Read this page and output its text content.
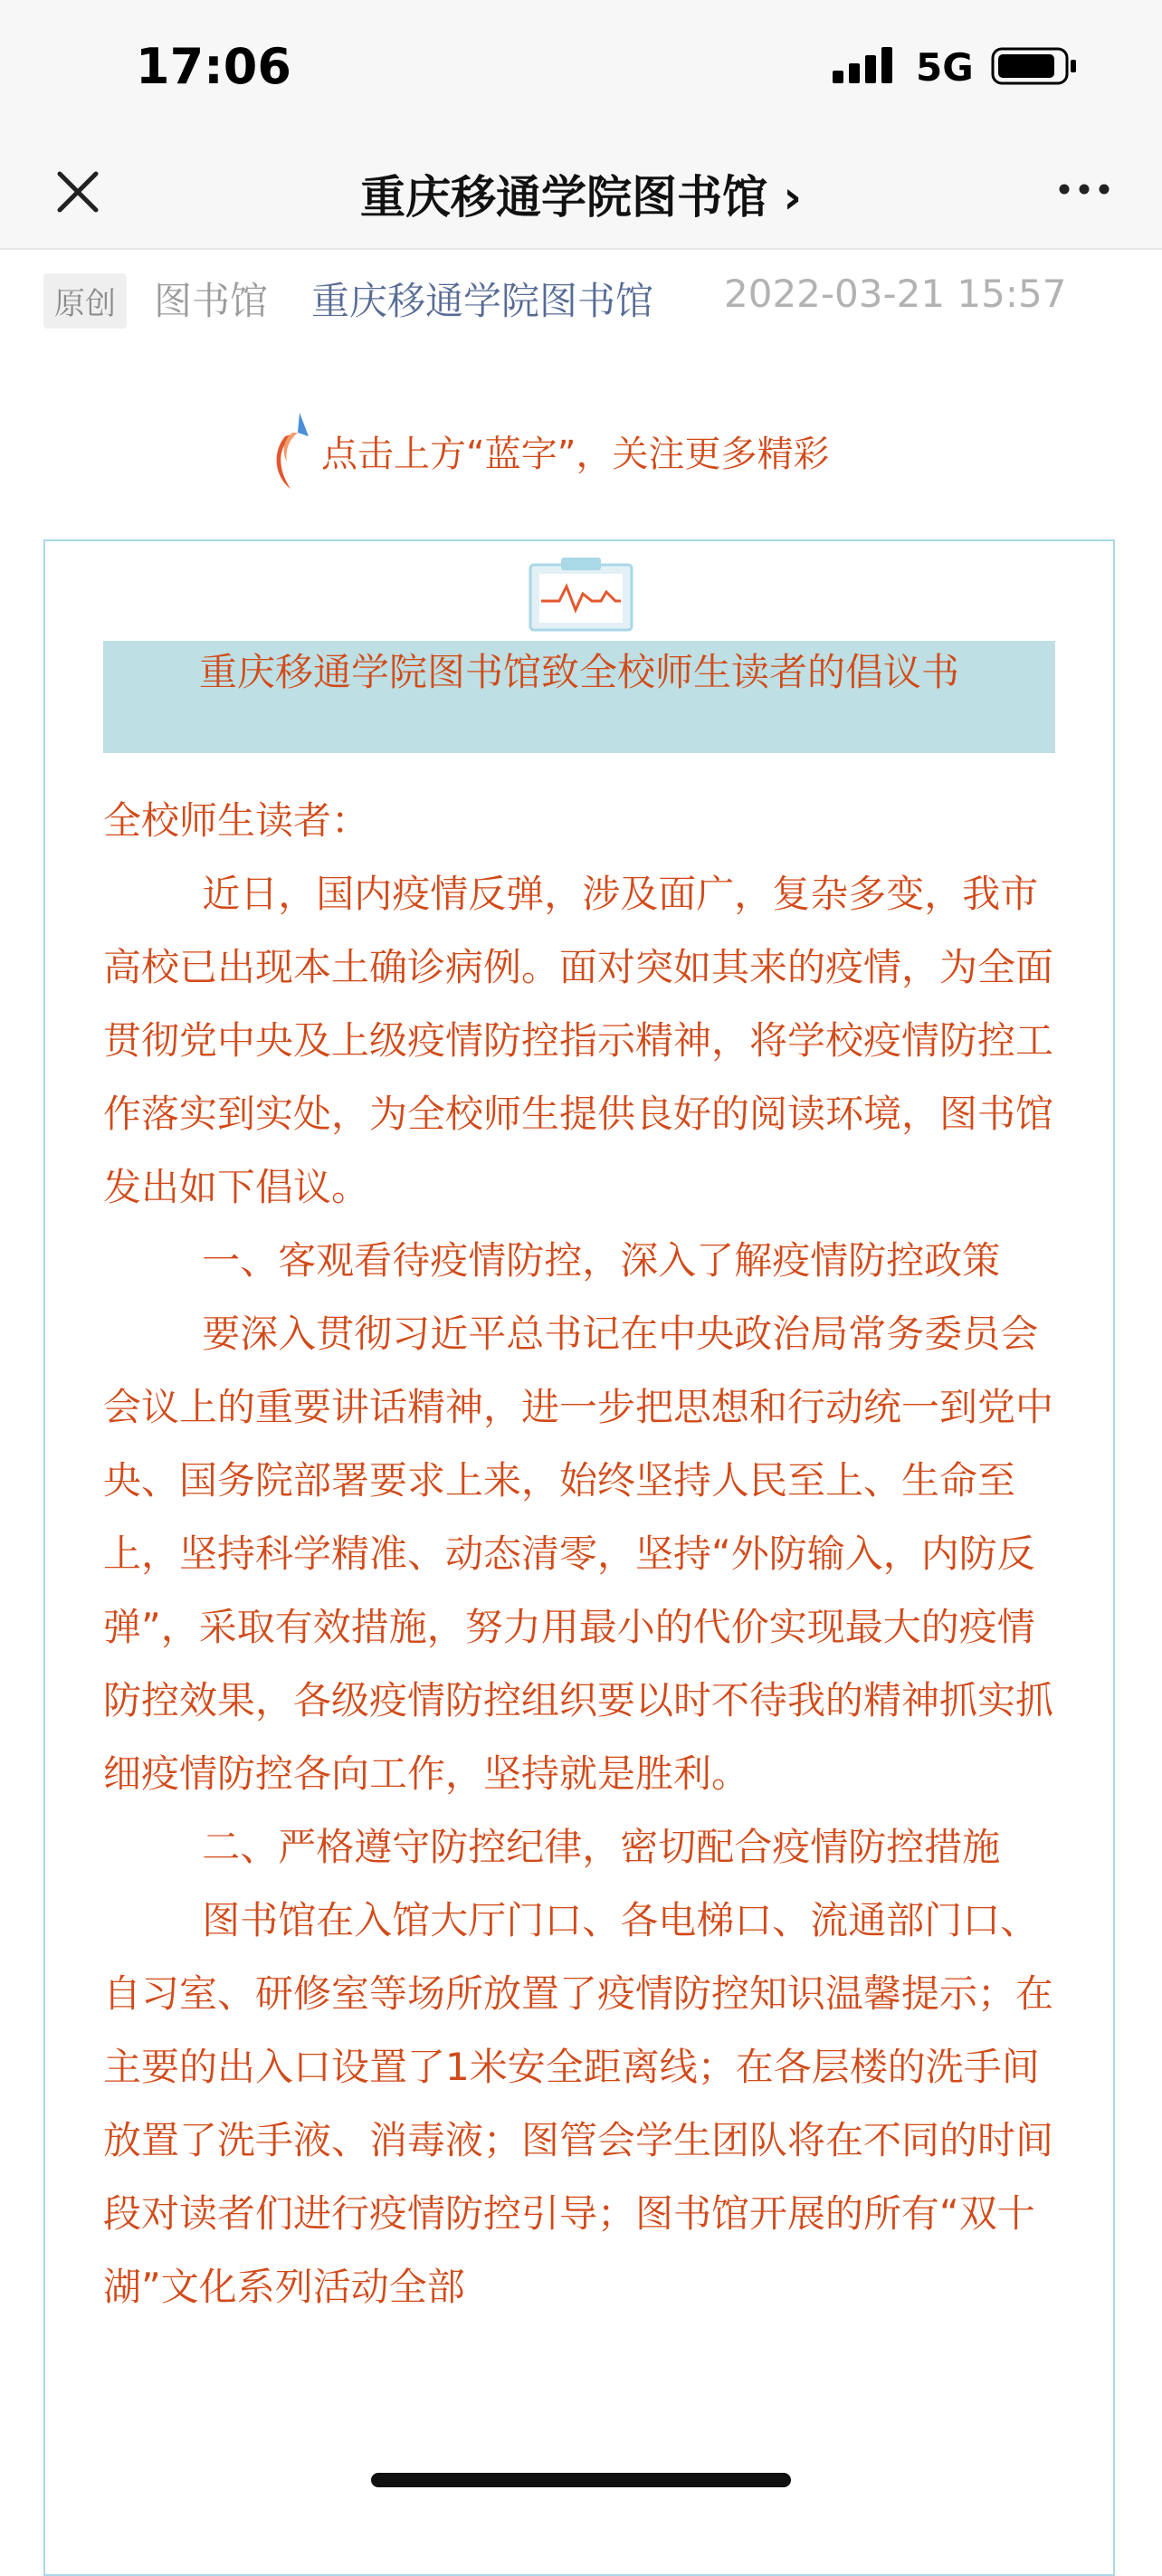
17:06	5G
重庆移通学院图书馆 ›
原创 图书馆 重庆移通学院图书馆 2022-03-21 15:57
点击上方“蓝字”，关注更多精彩
重庆移通学院图书馆致全校师生读者的倡议书

全校师生读者：

近日，国内疫情反弹，涉及面广，复杂多变，我市高校已出现本土确诊病例。面对突如其来的疫情，为全面贯彻党中央及上级疫情防控指示精神，将学校疫情防控工作落实到实处，为全校师生提供良好的阅读环境，图书馆发出如下倡议。

一、客观看待疫情防控，深入了解疫情防控政策

要深入贯彻习近平总书记在中央政治局常务委员会会议上的重要讲话精神，进一步把思想和行动统一到党中央、国务院部署要求上来，始终坚持人民至上、生命至上，坚持科学精准、动态清零，坚持“外防输入，内防反弹”，采取有效措施，努力用最小的代价实现最大的疫情防控效果，各级疫情防控组织要以时不待我的精神抓实抓细疫情防控各向工作，坚持就是胜利。

二、严格遵守防控纪律，密切配合疫情防控措施

图书馆在入馆大厅门口、各电梯口、流通部门口、自习室、研修室等场所放置了疫情防控知识温馨提示；在主要的出入口设置了1米安全距离线；在各层楼的洗手间放置了洗手液、消毒液；图管会学生团队将在不同的时间段对读者们进行疫情防控引导；图书馆开展的所有“双十湖”文化系列活动全部
